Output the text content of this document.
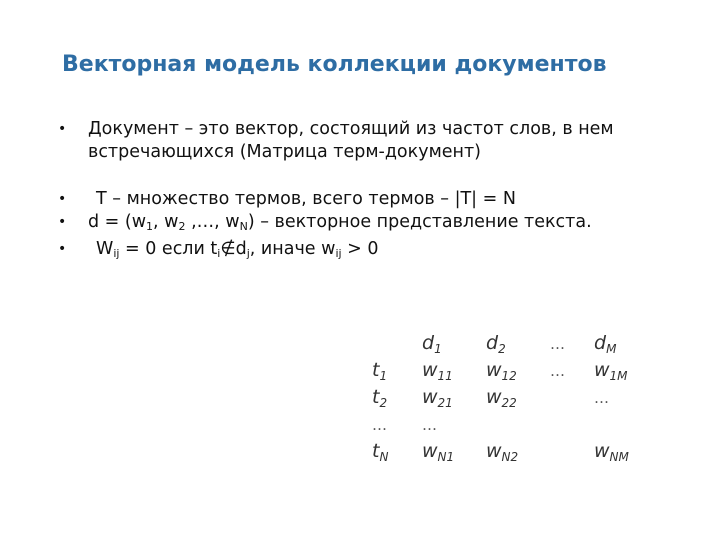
Векторная модель коллекции документов
• Документ – это вектор, состоящий из частот слов, в нем встречающихся (Матрица терм-документ)
• T – множество термов, всего термов – |T| = N
• $d = (w_1$, $w_2$ ,…, $w_N$) – векторное представление текста.
• $W_{ij} = 0$ если $t_i\notin d_j$, иначе $w_{ij} > 0$
	$d_1$	$d_2$	…	$d_M$
$t_1$	$w_{11}$	$w_{12}$	…	$w_{1M}$
$t_2$	$w_{21}$	$w_{22}$		…
…	…			
$t_N$	$w_{N1}$	$w_{N2}$		$w_{NM}$
